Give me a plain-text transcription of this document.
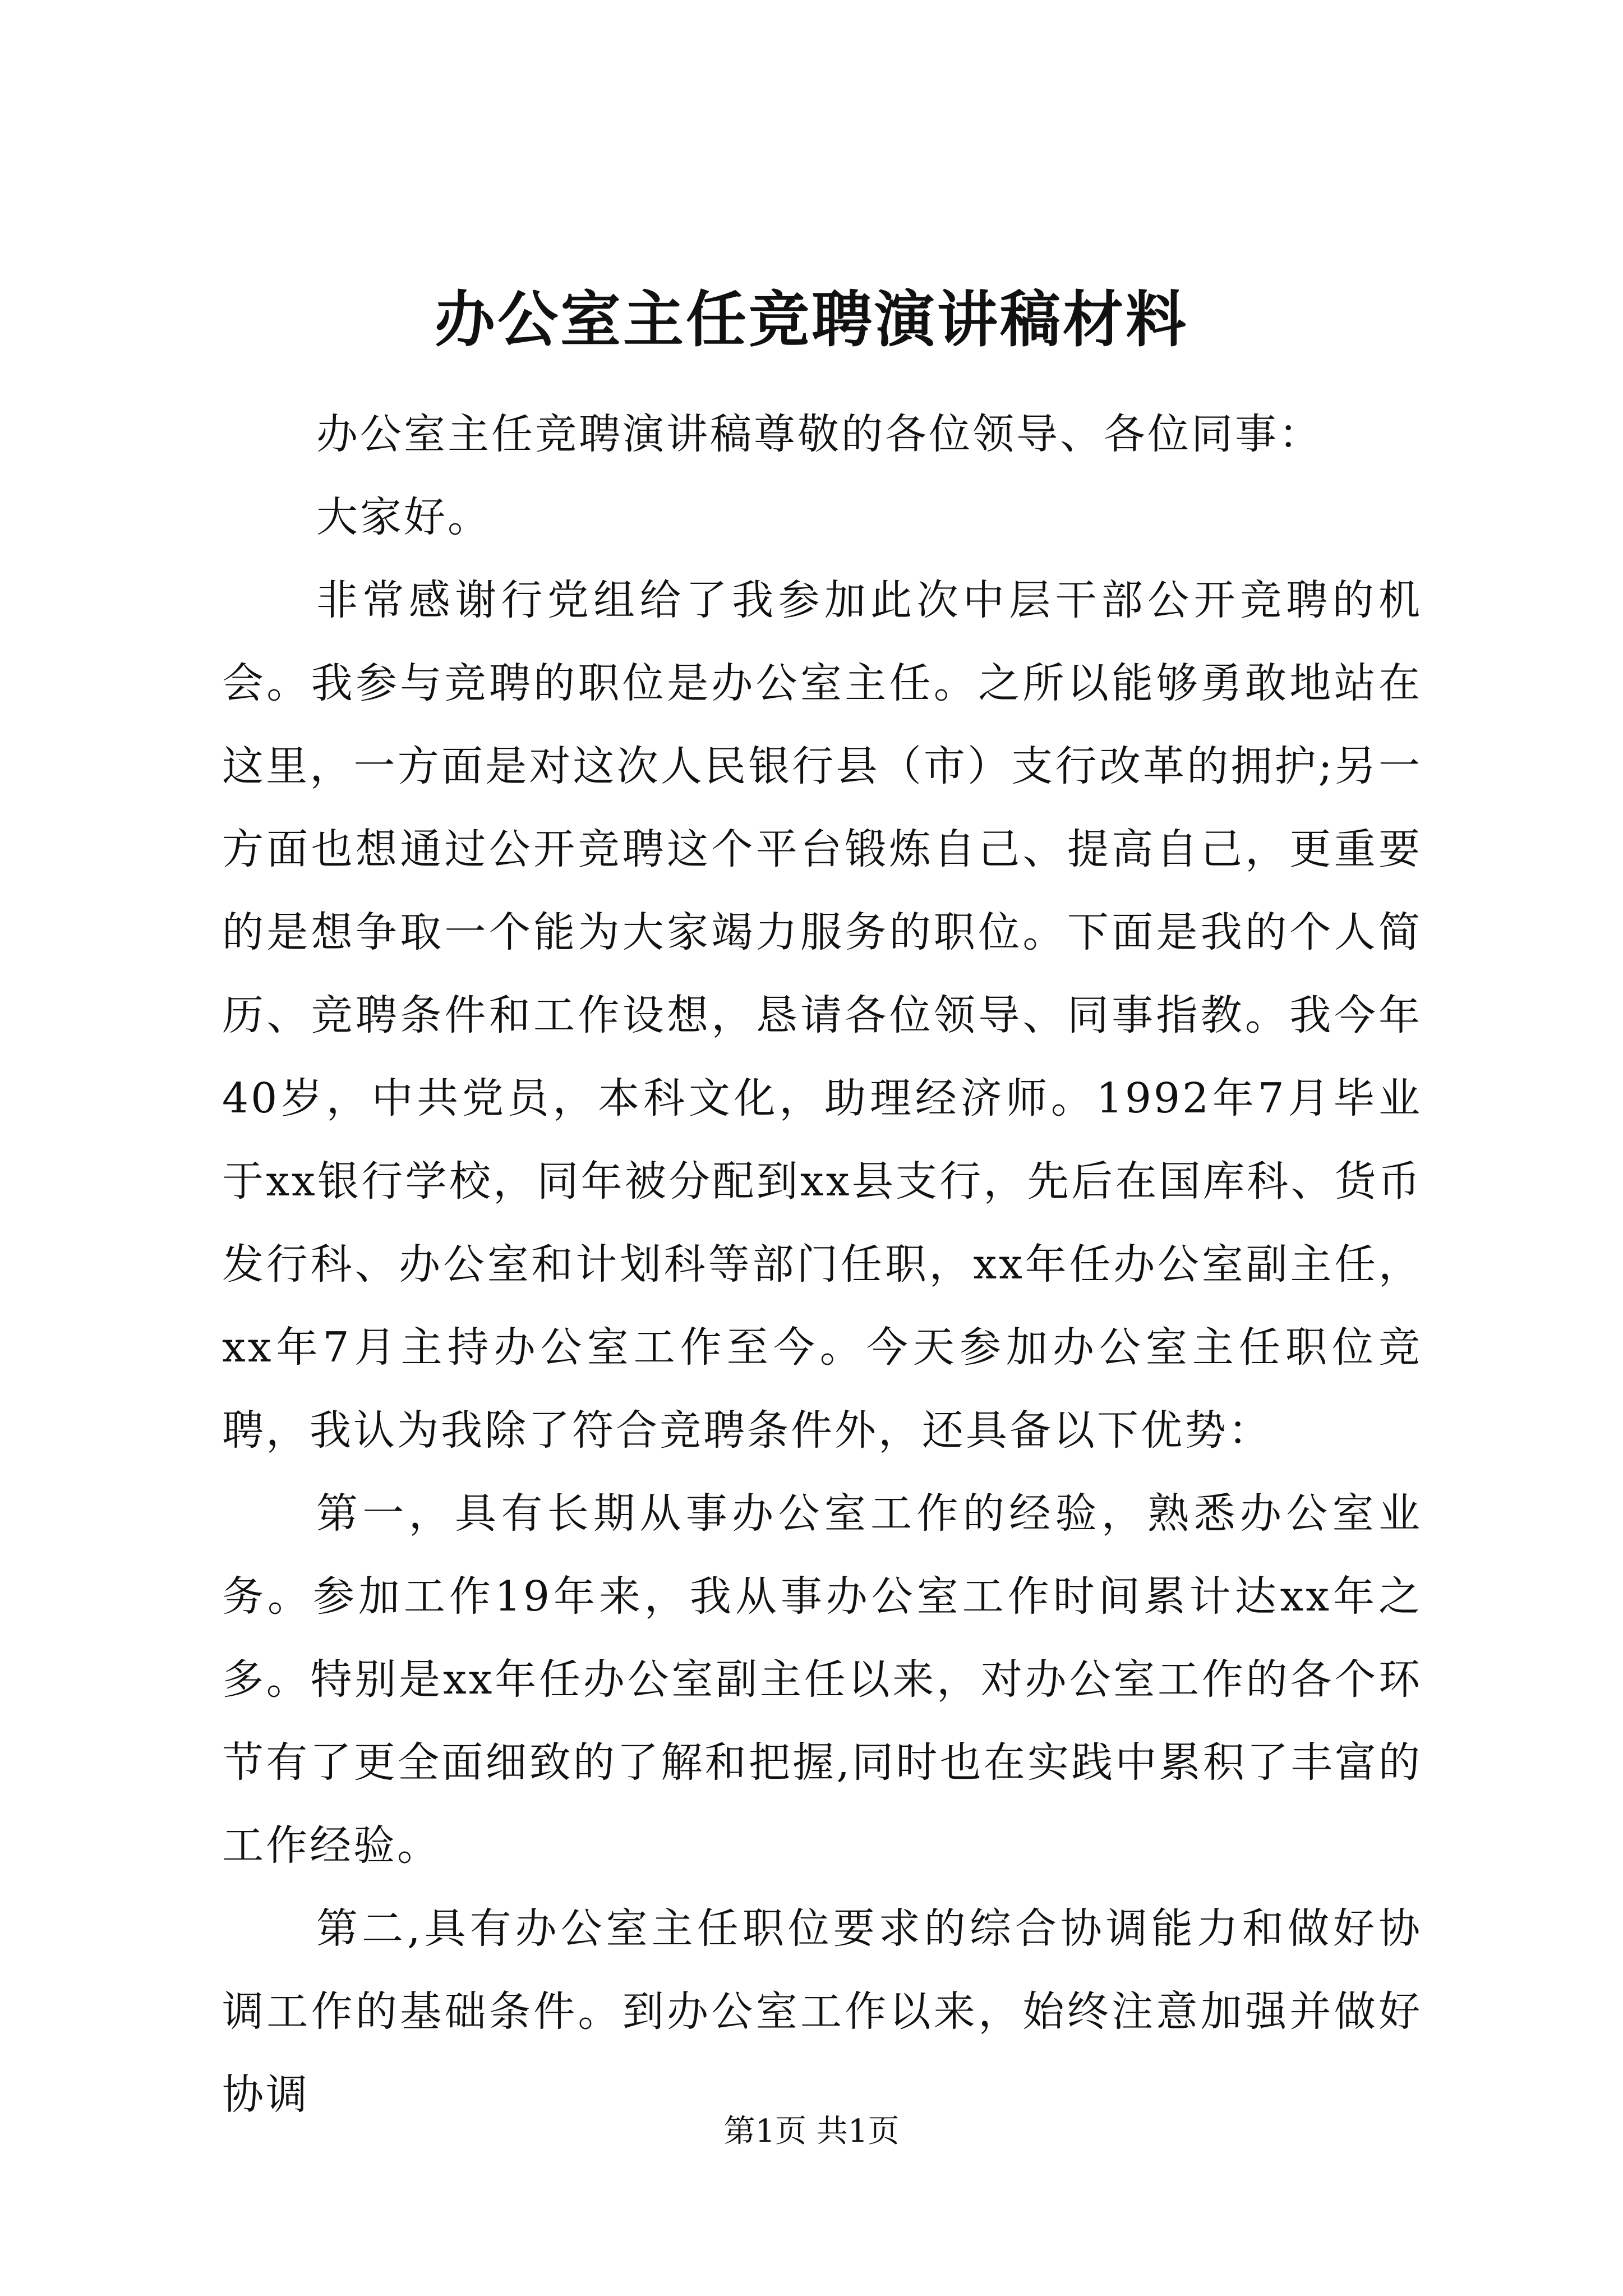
办公室主任竞聘演讲稿材料

办公室主任竞聘演讲稿尊敬的各位领导、各位同事：

大家好。

非常感谢行党组给了我参加此次中层干部公开竞聘的机会。我参与竞聘的职位是办公室主任。之所以能够勇敢地站在这里，一方面是对这次人民银行县（市）支行改革的拥护;另一方面也想通过公开竞聘这个平台锻炼自己、提高自己，更重要的是想争取一个能为大家竭力服务的职位。下面是我的个人简历、竞聘条件和工作设想，恳请各位领导、同事指教。我今年40岁，中共党员，本科文化，助理经济师。1992年7月毕业于xx银行学校，同年被分配到xx县支行，先后在国库科、货币发行科、办公室和计划科等部门任职，xx年任办公室副主任，xx年7月主持办公室工作至今。今天参加办公室主任职位竞聘，我认为我除了符合竞聘条件外，还具备以下优势：

第一，具有长期从事办公室工作的经验，熟悉办公室业务。参加工作19年来，我从事办公室工作时间累计达xx年之多。特别是xx年任办公室副主任以来，对办公室工作的各个环节有了更全面细致的了解和把握,同时也在实践中累积了丰富的工作经验。

第二,具有办公室主任职位要求的综合协调能力和做好协调工作的基础条件。到办公室工作以来，始终注意加强并做好协调

第1页 共1页
